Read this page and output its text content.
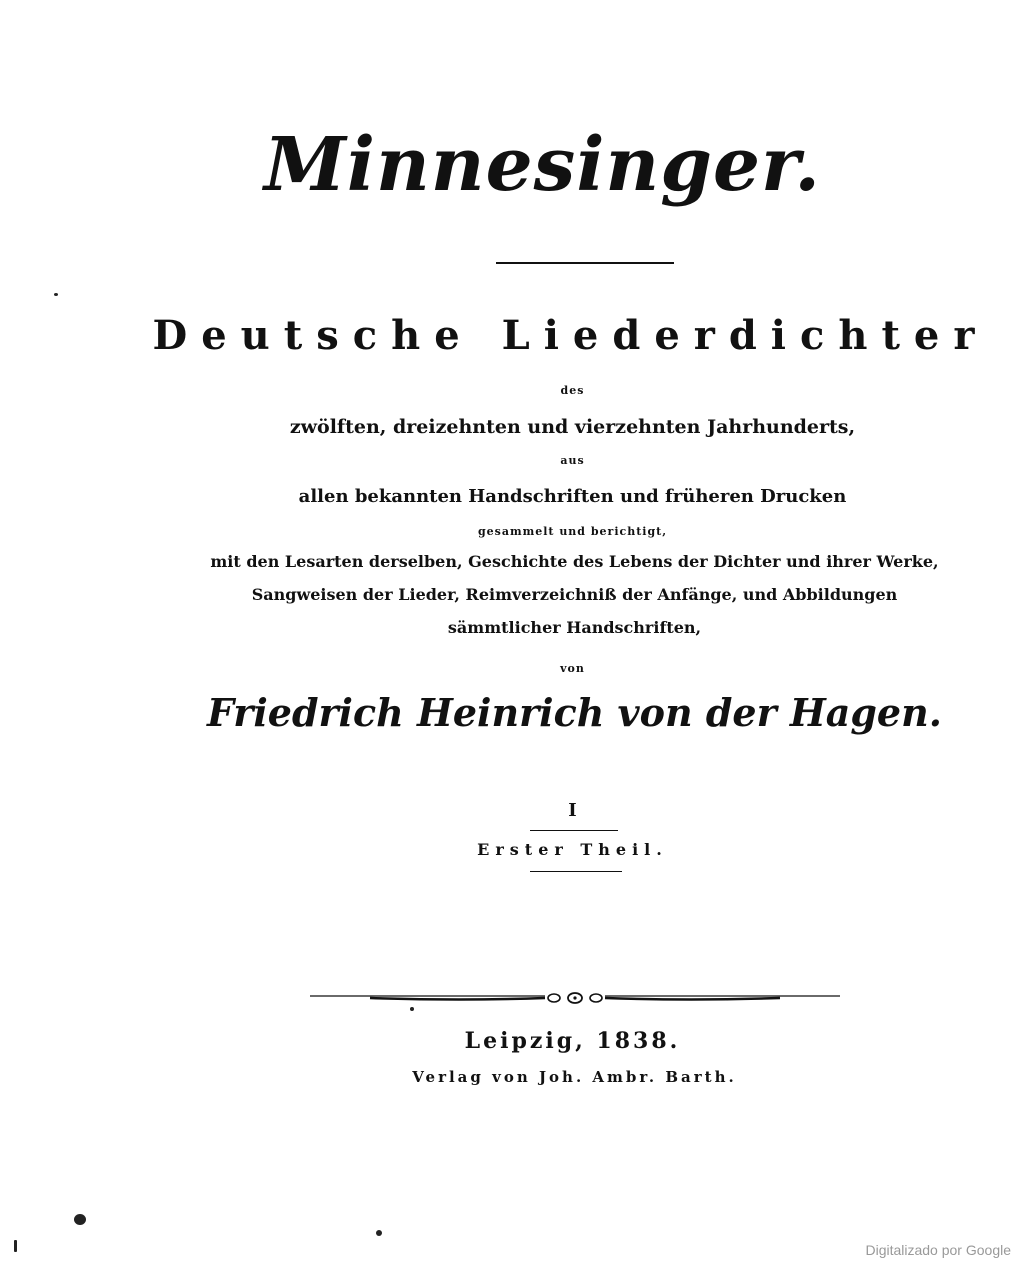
Minnesinger.
Deutsche Liederdichter
des
zwölften, dreizehnten und vierzehnten Jahrhunderts,
aus
allen bekannten Handschriften und früheren Drucken
gesammelt und berichtigt,
mit den Lesarten derselben, Geschichte des Lebens der Dichter und ihrer Werke,
Sangweisen der Lieder, Reimverzeichniß der Anfänge, und Abbildungen
sämmtlicher Handschriften,
von
Friedrich Heinrich von der Hagen.
I
Erster Theil.
Leipzig, 1838.
Verlag von Joh. Ambr. Barth.
Digitalizado por Google
